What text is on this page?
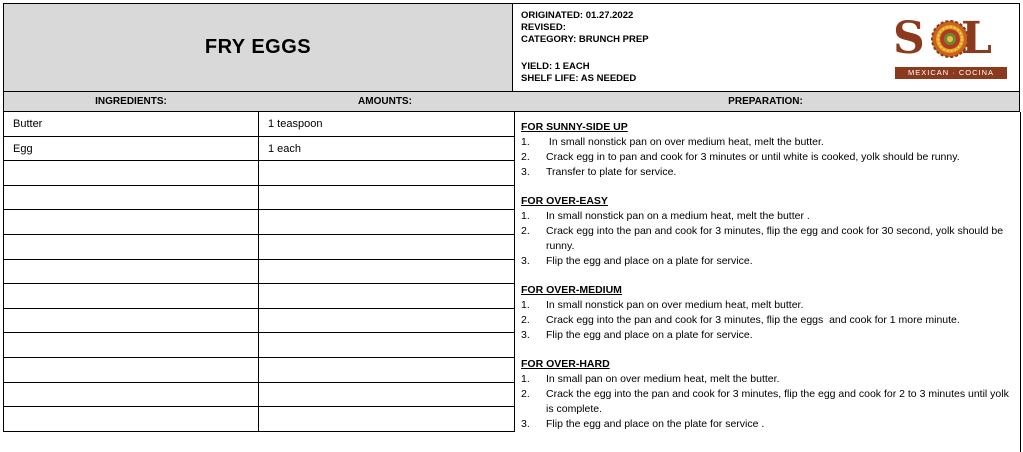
FRY EGGS
ORIGINATED: 01.27.2022
REVISED:
CATEGORY: BRUNCH PREP
YIELD: 1 EACH
SHELF LIFE: AS NEEDED
S L
MEXICAN · COCINA
INGREDIENTS:	AMOUNTS:	PREPARATION:
Butter	1 teaspoon
Egg	1 each
FOR SUNNY-SIDE UP
1. In small nonstick pan on over medium heat, melt the butter.
2. Crack egg in to pan and cook for 3 minutes or until white is cooked, yolk should be runny.
3. Transfer to plate for service.
FOR OVER-EASY
1. In small nonstick pan on a medium heat, melt the butter .
2. Crack egg into the pan and cook for 3 minutes, flip the egg and cook for 30 second, yolk should be runny.
3. Flip the egg and place on a plate for service.
FOR OVER-MEDIUM
1. In small nonstick pan on over medium heat, melt butter.
2. Crack egg into the pan and cook for 3 minutes, flip the eggs  and cook for 1 more minute.
3. Flip the egg and place on a plate for service.
FOR OVER-HARD
1. In small pan on over medium heat, melt the butter.
2. Crack the egg into the pan and cook for 3 minutes, flip the egg and cook for 2 to 3 minutes until yolk is complete.
3. Flip the egg and place on the plate for service .
